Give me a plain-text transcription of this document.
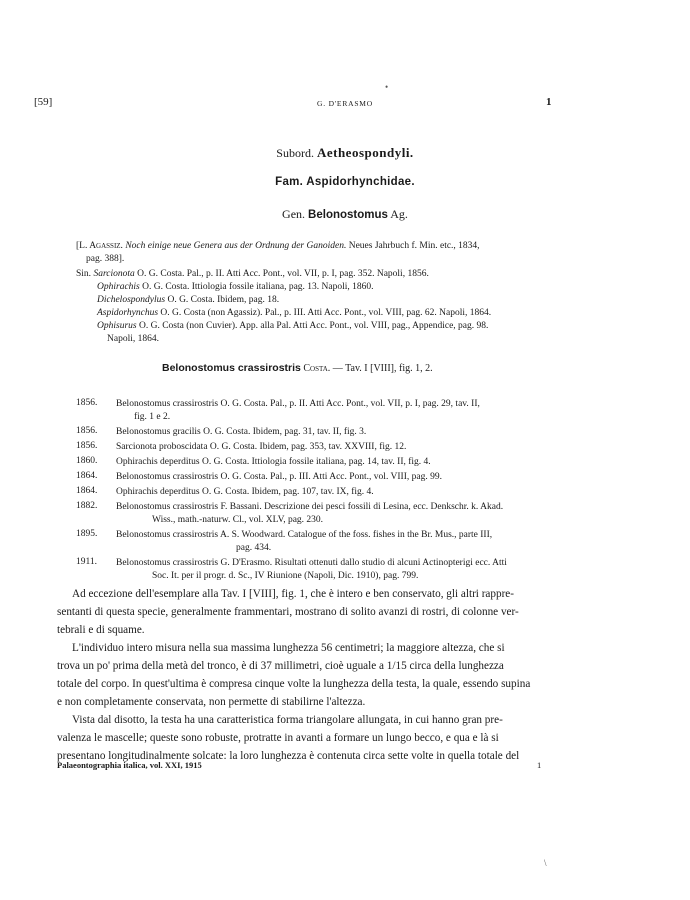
•
[59]	G. D'ERASMO	1
Subord. Aetheospondyli.
Fam. Aspidorhynchidae.
Gen. Belonostomus Ag.
[L. Agassiz. Noch einige neue Genera aus der Ordnung der Ganoiden. Neues Jahrbuch f. Min. etc., 1834,
pag. 388].
Sin. Sarcionota O. G. Costa. Pal., p. II. Atti Acc. Pont., vol. VII, p. I, pag. 352. Napoli, 1856.
Ophirachis O. G. Costa. Ittiologia fossile italiana, pag. 13. Napoli, 1860.
Dichelospondylus O. G. Costa. Ibidem, pag. 18.
Aspidorhynchus O. G. Costa (non Agassiz). Pal., p. III. Atti Acc. Pont., vol. VIII, pag. 62. Napoli, 1864.
Ophisurus O. G. Costa (non Cuvier). App. alla Pal. Atti Acc. Pont., vol. VIII, pag., Appendice, pag. 98.
Napoli, 1864.
Belonostomus crassirostris Costa. — Tav. I [VIII], fig. 1, 2.
1856.	Belonostomus crassirostris O. G. Costa. Pal., p. II. Atti Acc. Pont., vol. VII, p. I, pag. 29, tav. II,
fig. 1 e 2.
1856.	Belonostomus gracilis O. G. Costa. Ibidem, pag. 31, tav. II, fig. 3.
1856.	Sarcionota proboscidata O. G. Costa. Ibidem, pag. 353, tav. XXVIII, fig. 12.
1860.	Ophirachis deperditus O. G. Costa. Ittiologia fossile italiana, pag. 14, tav. II, fig. 4.
1864.	Belonostomus crassirostris O. G. Costa. Pal., p. III. Atti Acc. Pont., vol. VIII, pag. 99.
1864.	Ophirachis deperditus O. G. Costa. Ibidem, pag. 107, tav. IX, fig. 4.
1882.	Belonostomus crassirostris F. Bassani. Descrizione dei pesci fossili di Lesina, ecc. Denkschr. k. Akad.
Wiss., math.-naturw. Cl., vol. XLV, pag. 230.
1895.	Belonostomus crassirostris A. S. Woodward. Catalogue of the foss. fishes in the Br. Mus., parte III,
pag. 434.
1911.	Belonostomus crassirostris G. D'Erasmo. Risultati ottenuti dallo studio di alcuni Actinopterigi ecc. Atti
Soc. It. per il progr. d. Sc., IV Riunione (Napoli, Dic. 1910), pag. 799.
Ad eccezione dell'esemplare alla Tav. I [VIII], fig. 1, che è intero e ben conservato, gli altri rappre-
sentanti di questa specie, generalmente frammentari, mostrano di solito avanzi di rostri, di colonne ver-
tebrali e di squame.
L'individuo intero misura nella sua massima lunghezza 56 centimetri; la maggiore altezza, che si
trova un po' prima della metà del tronco, è di 37 millimetri, cioè uguale a 1/15 circa della lunghezza
totale del corpo. In quest'ultima è compresa cinque volte la lunghezza della testa, la quale, essendo supina
e non completamente conservata, non permette di stabilirne l'altezza.
Vista dal disotto, la testa ha una caratteristica forma triangolare allungata, in cui hanno gran pre-
valenza le mascelle; queste sono robuste, protratte in avanti a formare un lungo becco, e qua e là si
presentano longitudinalmente solcate: la loro lunghezza è contenuta circa sette volte in quella totale del
Palaeontographia italica, vol. XXI, 1915	1
\
